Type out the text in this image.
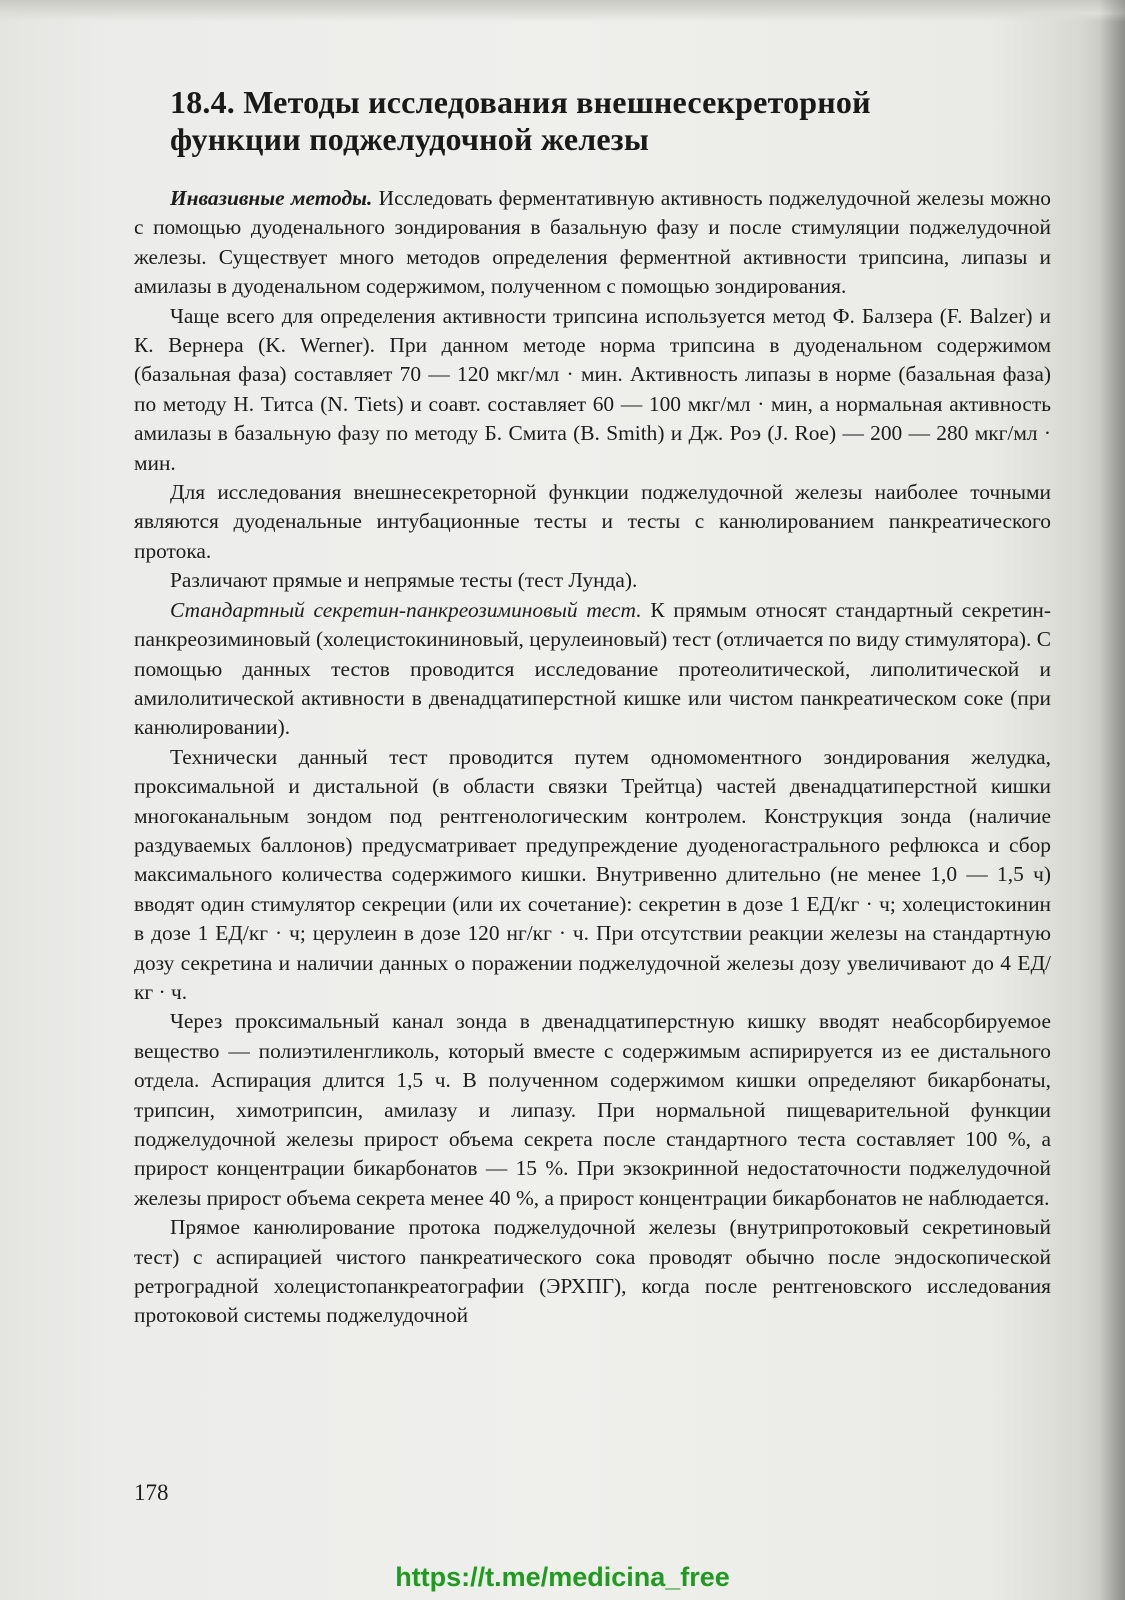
18.4. Методы исследования внешнесекреторной
функции поджелудочной железы

Инвазивные методы. Исследовать ферментативную активность поджелудочной железы можно с помощью дуоденального зондирования в базальную фазу и после стимуляции поджелудочной железы. Существует много методов определения ферментной активности трипсина, липазы и амилазы в дуоденальном содержимом, полученном с помощью зондирования.

Чаще всего для определения активности трипсина используется метод Ф. Балзера (F. Balzer) и К. Вернера (K. Werner). При данном методе норма трипсина в дуоденальном содержимом (базальная фаза) составляет 70 — 120 мкг/мл · мин. Активность липазы в норме (базальная фаза) по методу Н. Титса (N. Tiets) и соавт. составляет 60 — 100 мкг/мл · мин, а нормальная активность амилазы в базальную фазу по методу Б. Смита (B. Smith) и Дж. Роэ (J. Roe) — 200 — 280 мкг/мл · мин.

Для исследования внешнесекреторной функции поджелудочной железы наиболее точными являются дуоденальные интубационные тесты и тесты с канюлированием панкреатического протока.

Различают прямые и непрямые тесты (тест Лунда).

Стандартный секретин-панкреозиминовый тест. К прямым относят стандартный секретин-панкреозиминовый (холецистокининовый, церулеиновый) тест (отличается по виду стимулятора). С помощью данных тестов проводится исследование протеолитической, липолитической и амилолитической активности в двенадцатиперстной кишке или чистом панкреатическом соке (при канюлировании).

Технически данный тест проводится путем одномоментного зондирования желудка, проксимальной и дистальной (в области связки Трейтца) частей двенадцатиперстной кишки многоканальным зондом под рентгенологическим контролем. Конструкция зонда (наличие раздуваемых баллонов) предусматривает предупреждение дуоденогастрального рефлюкса и сбор максимального количества содержимого кишки. Внутривенно длительно (не менее 1,0 — 1,5 ч) вводят один стимулятор секреции (или их сочетание): секретин в дозе 1 ЕД/кг · ч; холецистокинин в дозе 1 ЕД/кг · ч; церулеин в дозе 120 нг/кг · ч. При отсутствии реакции железы на стандартную дозу секретина и наличии данных о поражении поджелудочной железы дозу увеличивают до 4 ЕД/кг · ч.

Через проксимальный канал зонда в двенадцатиперстную кишку вводят неабсорбируемое вещество — полиэтиленгликоль, который вместе с содержимым аспирируется из ее дистального отдела. Аспирация длится 1,5 ч. В полученном содержимом кишки определяют бикарбонаты, трипсин, химотрипсин, амилазу и липазу. При нормальной пищеварительной функции поджелудочной железы прирост объема секрета после стандартного теста составляет 100 %, а прирост концентрации бикарбонатов — 15 %. При экзокринной недостаточности поджелудочной железы прирост объема секрета менее 40 %, а прирост концентрации бикарбонатов не наблюдается.

Прямое канюлирование протока поджелудочной железы (внутрипротоковый секретиновый тест) с аспирацией чистого панкреатического сока проводят обычно после эндоскопической ретроградной холецистопанкреатографии (ЭРХПГ), когда после рентгеновского исследования протоковой системы поджелудочной

178
https://t.me/medicina_free
